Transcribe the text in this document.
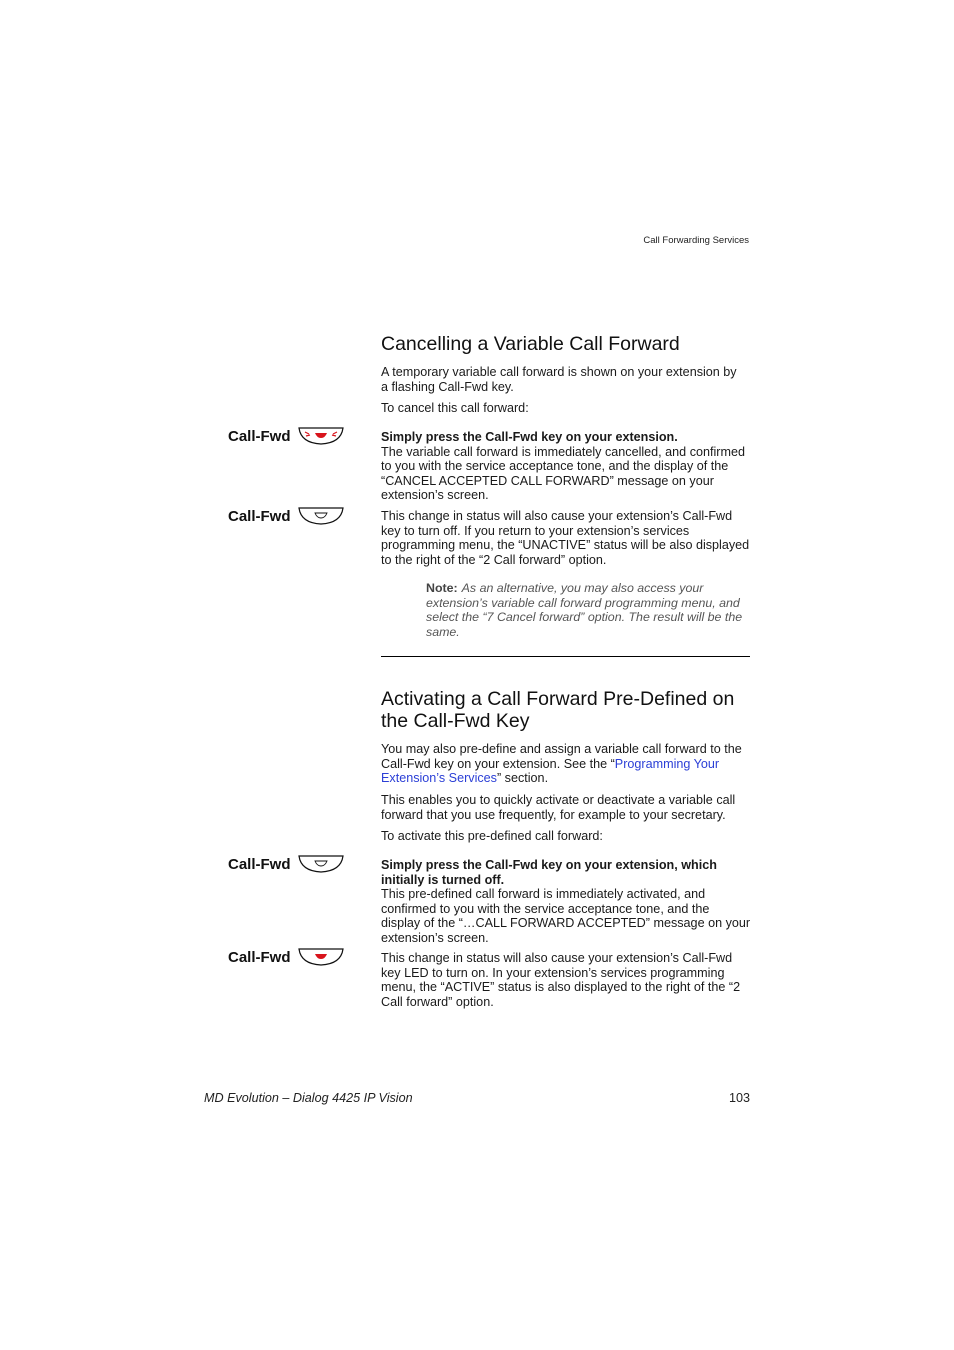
Call Forwarding Services
Cancelling a Variable Call Forward

A temporary variable call forward is shown on your extension by a flashing Call-Fwd key.

To cancel this call forward:

Call-Fwd	Simply press the Call-Fwd key on your extension.

The variable call forward is immediately cancelled, and confirmed to you with the service acceptance tone, and the display of the “CANCEL ACCEPTED CALL FORWARD” message on your extension’s screen.

Call-Fwd	This change in status will also cause your extension’s Call-Fwd key to turn off. If you return to your extension’s services programming menu, the “UNACTIVE” status will be also displayed to the right of the “2 Call forward” option.

Note: As an alternative, you may also access your extension’s variable call forward programming menu, and select the “7 Cancel forward” option. The result will be the same.

Activating a Call Forward Pre-Defined on the Call-Fwd Key

You may also pre-define and assign a variable call forward to the Call-Fwd key on your extension. See the “Programming Your Extension’s Services” section.

This enables you to quickly activate or deactivate a variable call forward that you use frequently, for example to your secretary.

To activate this pre-defined call forward:

Call-Fwd	Simply press the Call-Fwd key on your extension, which initially is turned off.

This pre-defined call forward is immediately activated, and confirmed to you with the service acceptance tone, and the display of the “…CALL FORWARD ACCEPTED” message on your extension’s screen.

Call-Fwd	This change in status will also cause your extension’s Call-Fwd key LED to turn on. In your extension’s services programming menu, the “ACTIVE” status is also displayed to the right of the “2 Call forward” option.

MD Evolution – Dialog 4425 IP Vision	103
